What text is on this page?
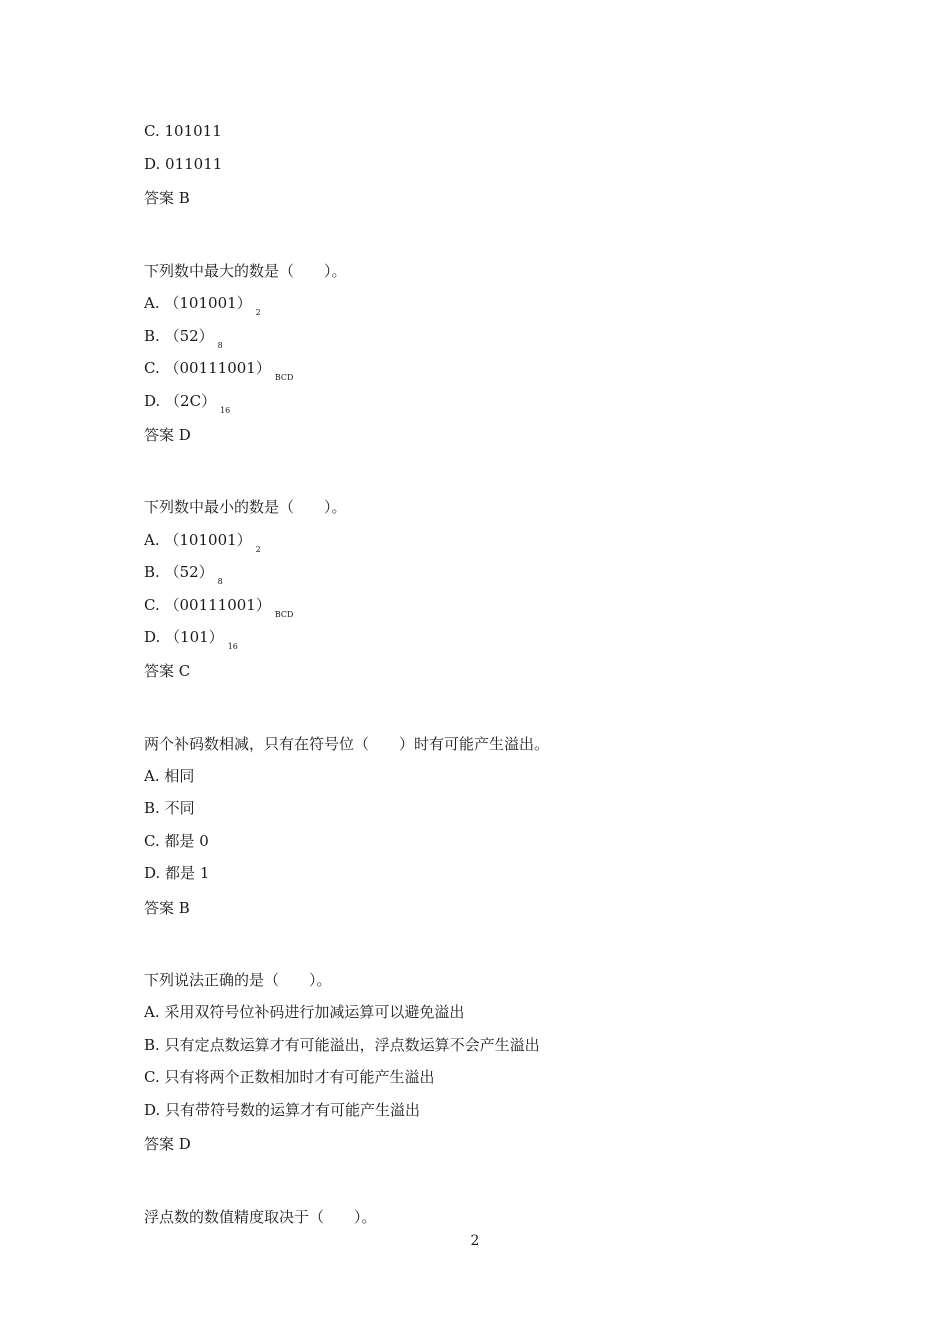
C. 101011
D. 011011
答案 B
下列数中最大的数是（　　）。
A. $(101001)_2$
B. $(52)_8$
C. $(00111001)_{BCD}$
D. $(2C)_{16}$
答案 D
下列数中最小的数是（　　）。
A. $(101001)_2$
B. $(52)_8$
C. $(00111001)_{BCD}$
D. $(101)_{16}$
答案 C
两个补码数相减，只有在符号位（　　）时有可能产生溢出。
A. 相同
B. 不同
C. 都是 0
D. 都是 1
答案 B
下列说法正确的是（　　）。
A. 采用双符号位补码进行加减运算可以避免溢出
B. 只有定点数运算才有可能溢出，浮点数运算不会产生溢出
C. 只有将两个正数相加时才有可能产生溢出
D. 只有带符号数的运算才有可能产生溢出
答案 D
浮点数的数值精度取决于（　　）。
2
